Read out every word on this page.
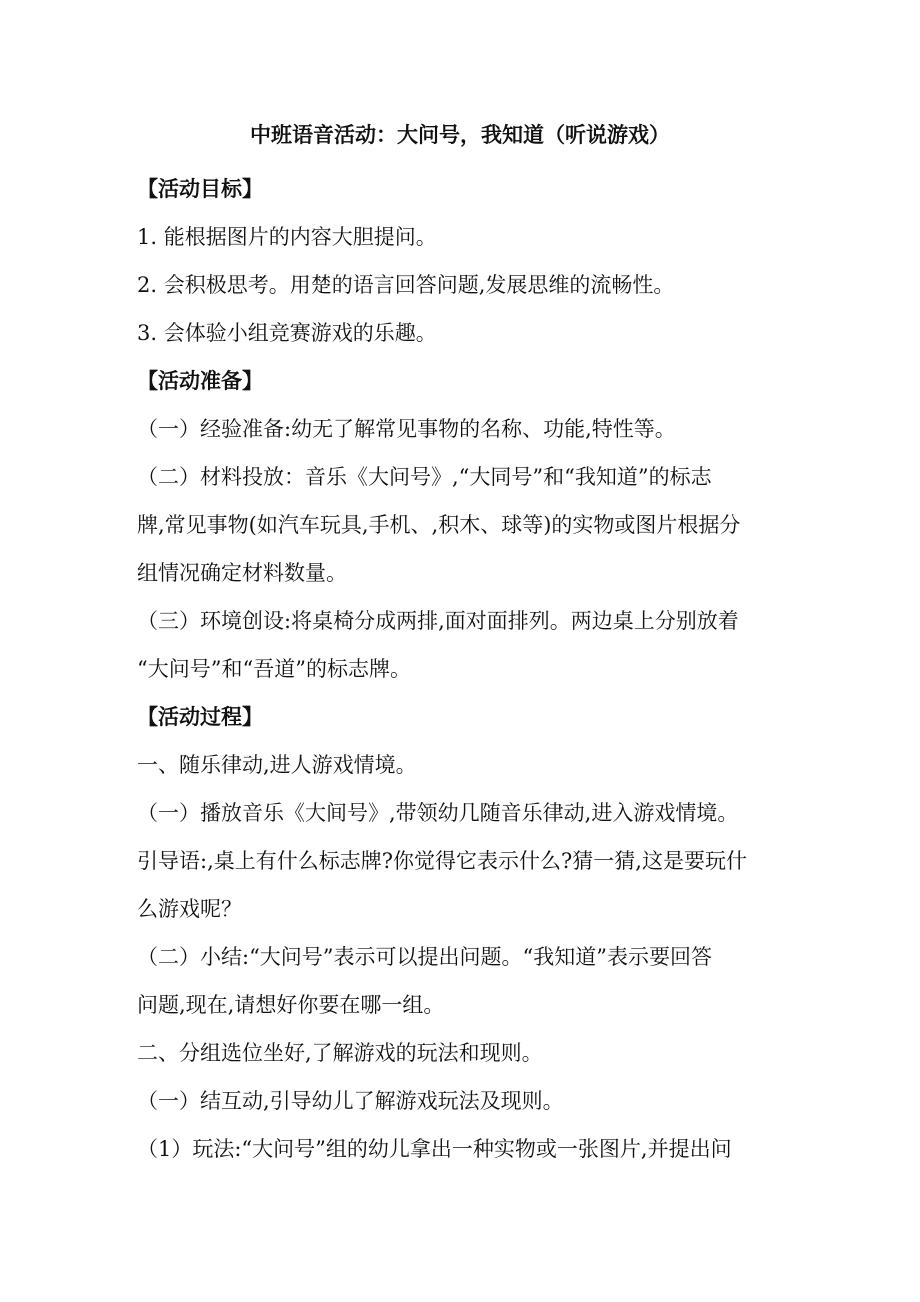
中班语音活动：大问号，我知道（听说游戏）
【活动目标】
1. 能根据图片的内容大胆提问。
2. 会积极思考。用楚的语言回答问题,发展思维的流畅性。
3. 会体验小组竞赛游戏的乐趣。
【活动准备】
（一）经验准备:幼无了解常见事物的名称、功能,特性等。
（二）材料投放：音乐《大问号》,“大同号”和“我知道”的标志
牌,常见事物(如汽车玩具,手机、,积木、球等)的实物或图片根据分
组情况确定材料数量。
（三）环境创设:将桌椅分成两排,面对面排列。两边桌上分别放着
“大问号”和“吾道”的标志牌。
【活动过程】
一、随乐律动,进人游戏情境。
（一）播放音乐《大间号》,带领幼几随音乐律动,进入游戏情境。
引导语:,桌上有什么标志牌?你觉得它表示什么?猜一猜,这是要玩什
么游戏呢？
（二）小结:“大问号”表示可以提出问题。“我知道”表示要回答
问题,现在,请想好你要在哪一组。
二、分组选位坐好,了解游戏的玩法和现则。
（一）结互动,引导幼儿了解游戏玩法及现则。
（1）玩法:“大问号”组的幼儿拿出一种实物或一张图片,并提出问
